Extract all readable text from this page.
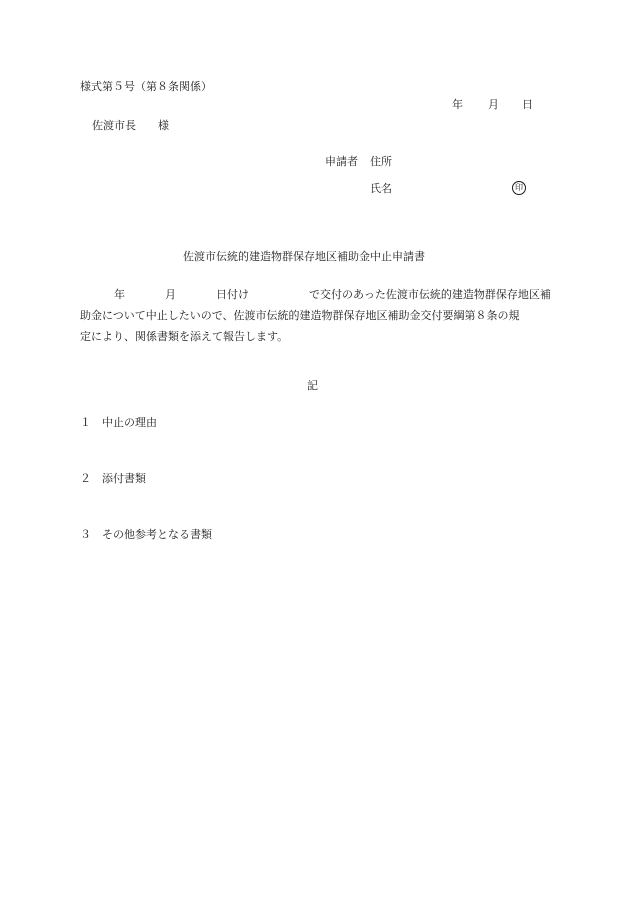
様式第５号（第８条関係）
年 月 日
佐渡市長　　様
申請者 住所
氏名	印
佐渡市伝統的建造物群保存地区補助金中止申請書
年	月	日付け	で交付のあった佐渡市伝統的建造物群保存地区補
助金について中止したいので、佐渡市伝統的建造物群保存地区補助金交付要綱第８条の規
定により、関係書類を添えて報告します。
記
１ 中止の理由
２ 添付書類
３ その他参考となる書類
